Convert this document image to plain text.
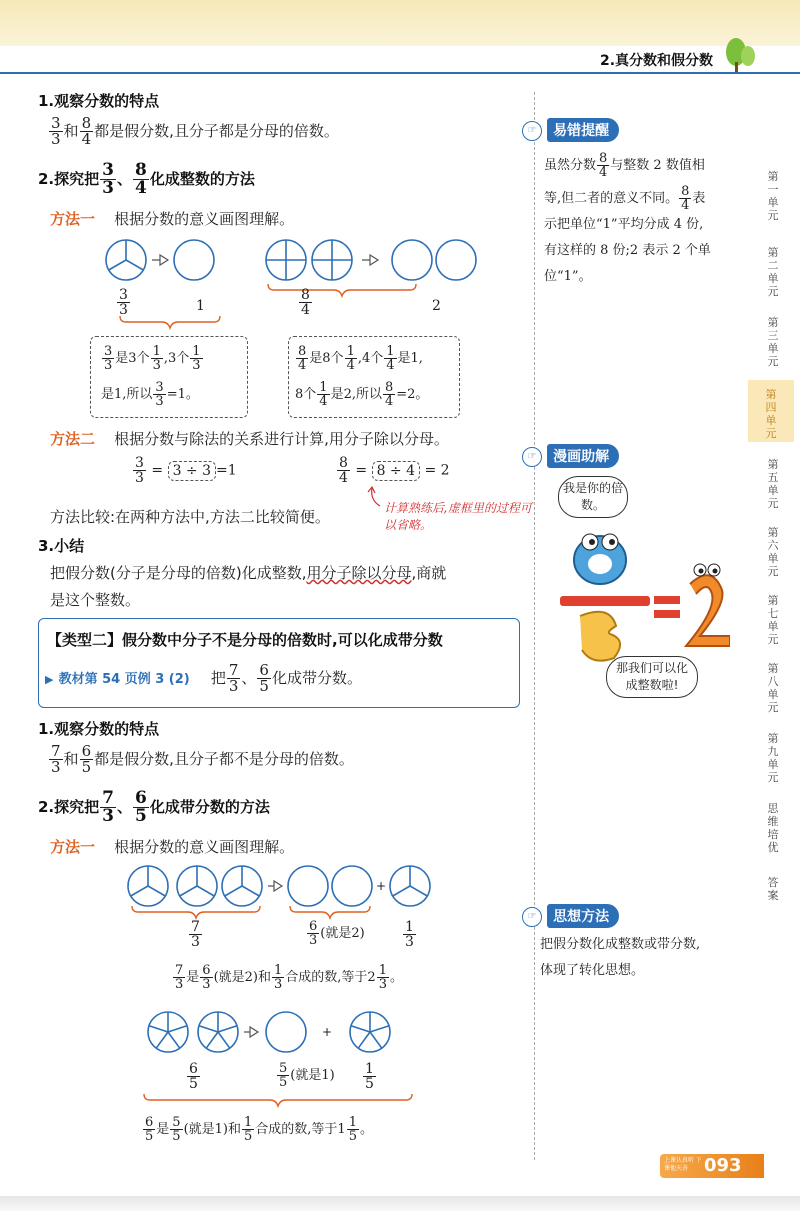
2.真分数和假分数
1.观察分数的特点
$\frac{3}{3}$ 和 $\frac{8}{4}$ 都是假分数,且分子都是分母的倍数。
2.探究把 $\frac{3}{3}$ 、 $\frac{8}{4}$ 化成整数的方法
方法一 根据分数的意义画图理解。
$\frac{3}{3}$	1	$\frac{8}{4}$	2
$\frac{3}{3}$ 是3个 $\frac{1}{3} ,3$个 $\frac{1}{3}$
是1,所以 $\frac{3}{3} =1$。
$\frac{8}{4}$ 是8个 $\frac{1}{4} ,4$个 $\frac{1}{4}$ 是1,
8个 $\frac{1}{4}$ 是2,所以 $\frac{8}{4} =2$。
方法二 根据分数与除法的关系进行计算,用分子除以分母。
$\frac{3}{3} = 3 \div 3 =1$	$\frac{8}{4} = 8 \div 4 = 2$
方法比较:在两种方法中,方法二比较简便。	计算熟练后,虚框里的过程可以省略。
3.小结
把假分数(分子是分母的倍数)化成整数,用分子除以分母,商就
是这个整数。
【类型二】假分数中分子不是分母的倍数时,可以化成带分数
▶ 教材第 54 页例 3 (2) 把 $\frac{7}{3}$ 、 $\frac{6}{5}$ 化成带分数。
1.观察分数的特点
$\frac{7}{3}$ 和 $\frac{6}{5}$ 都是假分数,且分子都不是分母的倍数。
2.探究把 $\frac{7}{3}$ 、 $\frac{6}{5}$ 化成带分数的方法
方法一 根据分数的意义画图理解。
+
$\frac{7}{3}$	$\frac{6}{3}$ (就是2)	$\frac{1}{3}$
$\frac{7}{3}$ 是 $\frac{6}{3}$ (就是2)和 $\frac{1}{3}$ 合成的数,等于$2 \frac{1}{3}$ 。
+
$\frac{6}{5}$	$\frac{5}{5}$ (就是$1) \frac{1}{5}$
$\frac{6}{5}$ 是 $\frac{5}{5}$ (就是1)和 $\frac{1}{5}$ 合成的数,等于$1 \frac{1}{5}$ 。
☞ 易错提醒
虽然分数 $\frac{8}{4}$ 与整数 2 数值相
等,但二者的意义不同。 $\frac{8}{4}$ 表
示把单位“1”平均分成 4 份,
有这样的 8 份;2 表示 2 个单
位“1”。
☞ 漫画助解
我是你的倍数。
那我们可以化成整数啦!
☞ 思想方法
把假分数化成整数或带分数,
体现了转化思想。
第
一
单
元
第
二
单
元
第
三
单
元
第
四
单
元
第
五
单
元
第
六
单
元
第
七
单
元
第
八
单
元
第
九
单
元
思
维
培
优
答
案
上课认真听 下课他天善 093
